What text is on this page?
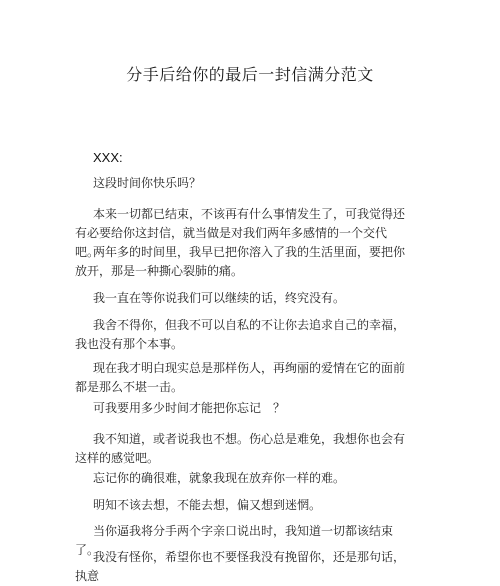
分手后给你的最后一封信满分范文
XXX:

这段时间你快乐吗？

本来一切都已结束，不该再有什么事情发生了，可我觉得还有必要给你这封信，就当做是对我们两年多感情的一个交代吧。

两年多的时间里，我早已把你溶入了我的生活里面，要把你放开，那是一种撕心裂肺的痛。

我一直在等你说我们可以继续的话，终究没有。

我舍不得你，但我不可以自私的不让你去追求自己的幸福，我也没有那个本事。

现在我才明白现实总是那样伤人，再绚丽的爱情在它的面前都是那么不堪一击。

可我要用多少时间才能把你忘记　？

我不知道，或者说我也不想。伤心总是难免，我想你也会有这样的感觉吧。

忘记你的确很难，就象我现在放弃你一样的难。

明知不该去想，不能去想，偏又想到迷惘。

当你逼我将分手两个字亲口说出时，我知道一切都该结束了。

我没有怪你，希望你也不要怪我没有挽留你，还是那句话，执意
